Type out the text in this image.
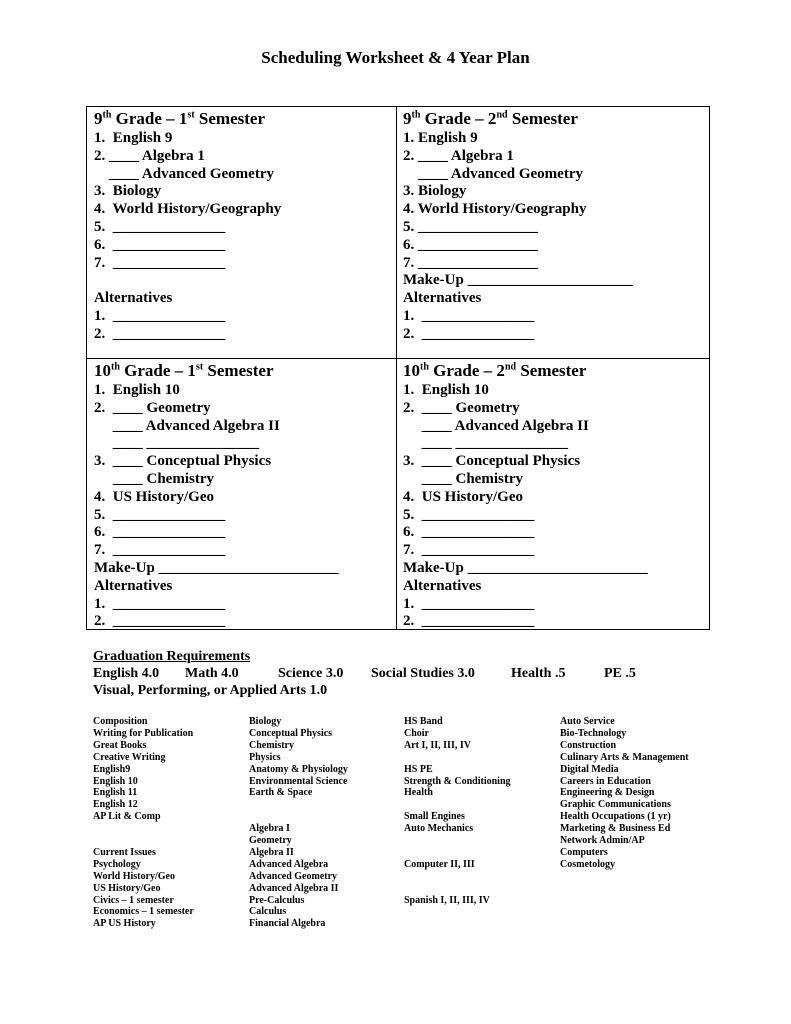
Scheduling Worksheet & 4 Year Plan
9th Grade – 1st Semester
1.  English 9
2. ____ Algebra 1
____ Advanced Geometry
3.  Biology
4.  World History/Geography
5.  _______________
6.  _______________
7.  _______________
Alternatives
1.  _______________
2.  _______________
9th Grade – 2nd Semester
1. English 9
2. ____ Algebra 1
____ Advanced Geometry
3. Biology
4. World History/Geography
5. ________________
6. ________________
7. ________________
Make-Up ______________________
Alternatives
1.  _______________
2.  _______________
10th Grade – 1st Semester
1.  English 10
2.  ____ Geometry
____ Advanced Algebra II
____ _______________
3.  ____ Conceptual Physics
____ Chemistry
4.  US History/Geo
5.  _______________
6.  _______________
7.  _______________
Make-Up ________________________
Alternatives
1.  _______________
2.  _______________
10th Grade – 2nd Semester
1.  English 10
2.  ____ Geometry
____ Advanced Algebra II
____ _______________
3.  ____ Conceptual Physics
____ Chemistry
4.  US History/Geo
5.  _______________
6.  _______________
7.  _______________
Make-Up ________________________
Alternatives
1.  _______________
2.  _______________
Graduation Requirements
English 4.0 Math 4.0	Science 3.0 Social Studies 3.0	Health .5	PE .5
Visual, Performing, or Applied Arts 1.0
Composition
Writing for Publication
Great Books
Creative Writing
English9
English 10
English 11
English 12
AP Lit & Comp
Current Issues
Psychology
World History/Geo
US History/Geo
Civics – 1 semester
Economics – 1 semester
AP US History
Biology
Conceptual Physics
Chemistry
Physics
Anatomy & Physiology
Environmental Science
Earth & Space
Algebra I
Geometry
Algebra II
Advanced Algebra
Advanced Geometry
Advanced Algebra II
Pre-Calculus
Calculus
Financial Algebra
HS Band
Choir
Art I, II, III, IV
HS PE
Strength & Conditioning
Health
Small Engines
Auto Mechanics
Computer II, III
Spanish I, II, III, IV
Auto Service
Bio-Technology
Construction
Culinary Arts & Management
Digital Media
Careers in Education
Engineering & Design
Graphic Communications
Health Occupations (1 yr)
Marketing & Business Ed
Network Admin/AP
Computers
Cosmetology
